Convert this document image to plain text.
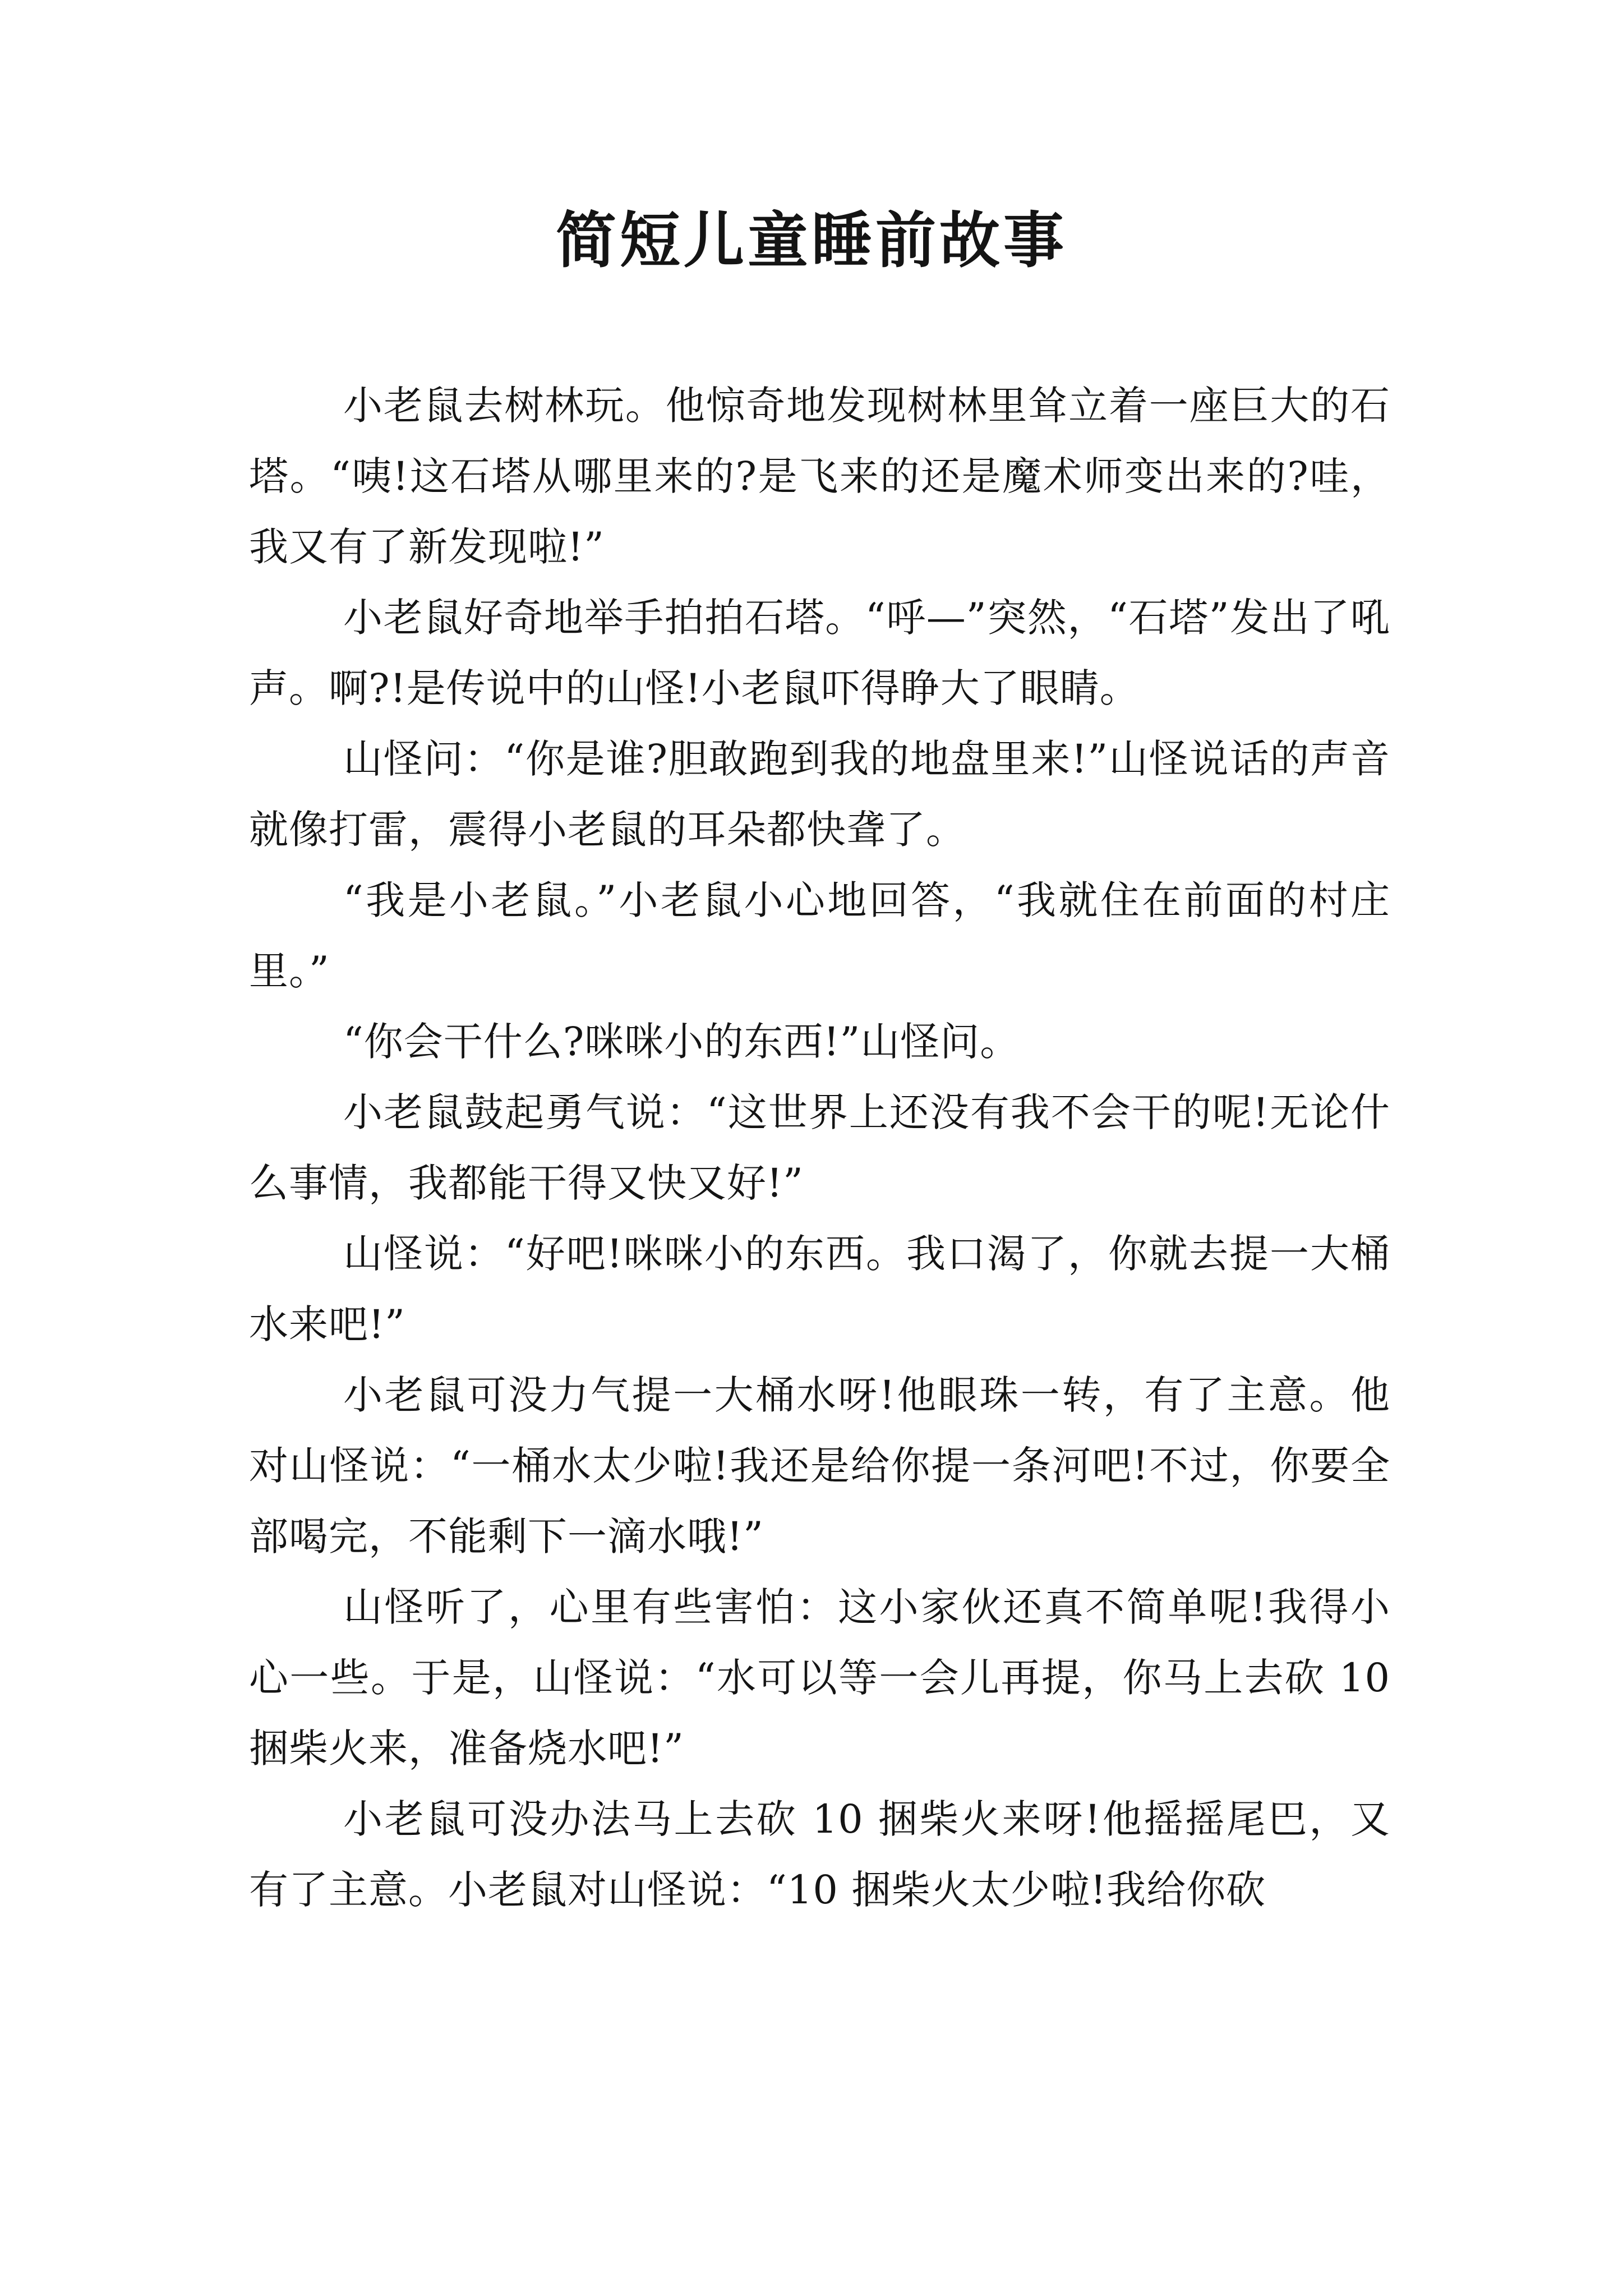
简短儿童睡前故事

小老鼠去树林玩。他惊奇地发现树林里耸立着一座巨大的石塔。“咦!这石塔从哪里来的?是飞来的还是魔术师变出来的?哇，我又有了新发现啦!”

小老鼠好奇地举手拍拍石塔。“呼—”突然，“石塔”发出了吼声。啊?!是传说中的山怪!小老鼠吓得睁大了眼睛。

山怪问：“你是谁?胆敢跑到我的地盘里来!”山怪说话的声音就像打雷，震得小老鼠的耳朵都快聋了。

“我是小老鼠。”小老鼠小心地回答，“我就住在前面的村庄里。”

“你会干什么?咪咪小的东西!”山怪问。

小老鼠鼓起勇气说：“这世界上还没有我不会干的呢!无论什么事情，我都能干得又快又好!”

山怪说：“好吧!咪咪小的东西。我口渴了，你就去提一大桶水来吧!”

小老鼠可没力气提一大桶水呀!他眼珠一转，有了主意。他对山怪说：“一桶水太少啦!我还是给你提一条河吧!不过，你要全部喝完，不能剩下一滴水哦!”

山怪听了，心里有些害怕：这小家伙还真不简单呢!我得小心一些。于是，山怪说：“水可以等一会儿再提，你马上去砍 10 捆柴火来，准备烧水吧!”

小老鼠可没办法马上去砍 10 捆柴火来呀!他摇摇尾巴，又有了主意。小老鼠对山怪说：“10 捆柴火太少啦!我给你砍
